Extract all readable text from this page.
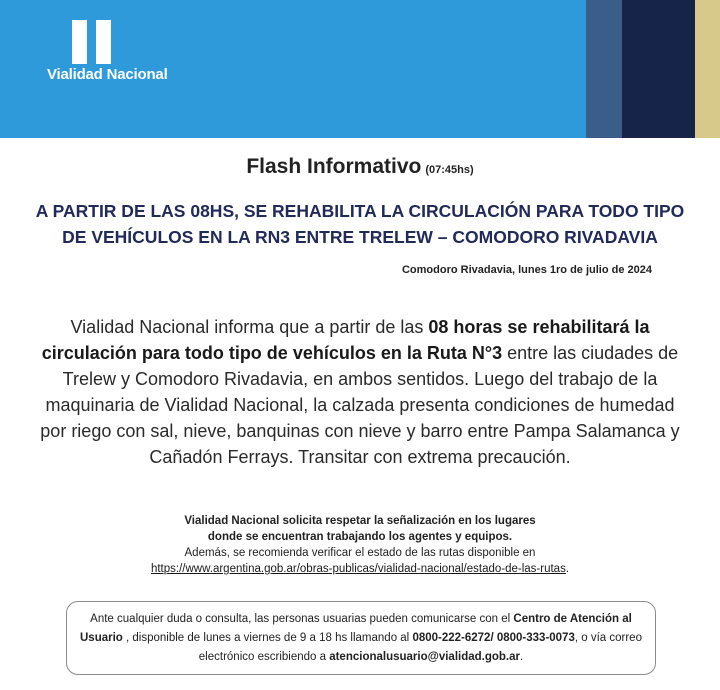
Vialidad Nacional
Flash Informativo (07:45hs)
A PARTIR DE LAS 08HS, SE REHABILITA LA CIRCULACIÓN PARA TODO TIPO
DE VEHÍCULOS EN LA RN3 ENTRE TRELEW – COMODORO RIVADAVIA
Comodoro Rivadavia, lunes 1ro de julio de 2024
Vialidad Nacional informa que a partir de las 08 horas se rehabilitará la circulación para todo tipo de vehículos en la Ruta N°3 entre las ciudades de Trelew y Comodoro Rivadavia, en ambos sentidos. Luego del trabajo de la maquinaria de Vialidad Nacional, la calzada presenta condiciones de humedad por riego con sal, nieve, banquinas con nieve y barro entre Pampa Salamanca y Cañadón Ferrays. Transitar con extrema precaución.
Vialidad Nacional solicita respetar la señalización en los lugares
donde se encuentran trabajando los agentes y equipos.
Además, se recomienda verificar el estado de las rutas disponible en
https://www.argentina.gob.ar/obras-publicas/vialidad-nacional/estado-de-las-rutas.
Ante cualquier duda o consulta, las personas usuarias pueden comunicarse con el Centro de Atención al Usuario , disponible de lunes a viernes de 9 a 18 hs llamando al 0800-222-6272/ 0800-333-0073, o vía correo electrónico escribiendo a atencionalusuario@vialidad.gob.ar.
